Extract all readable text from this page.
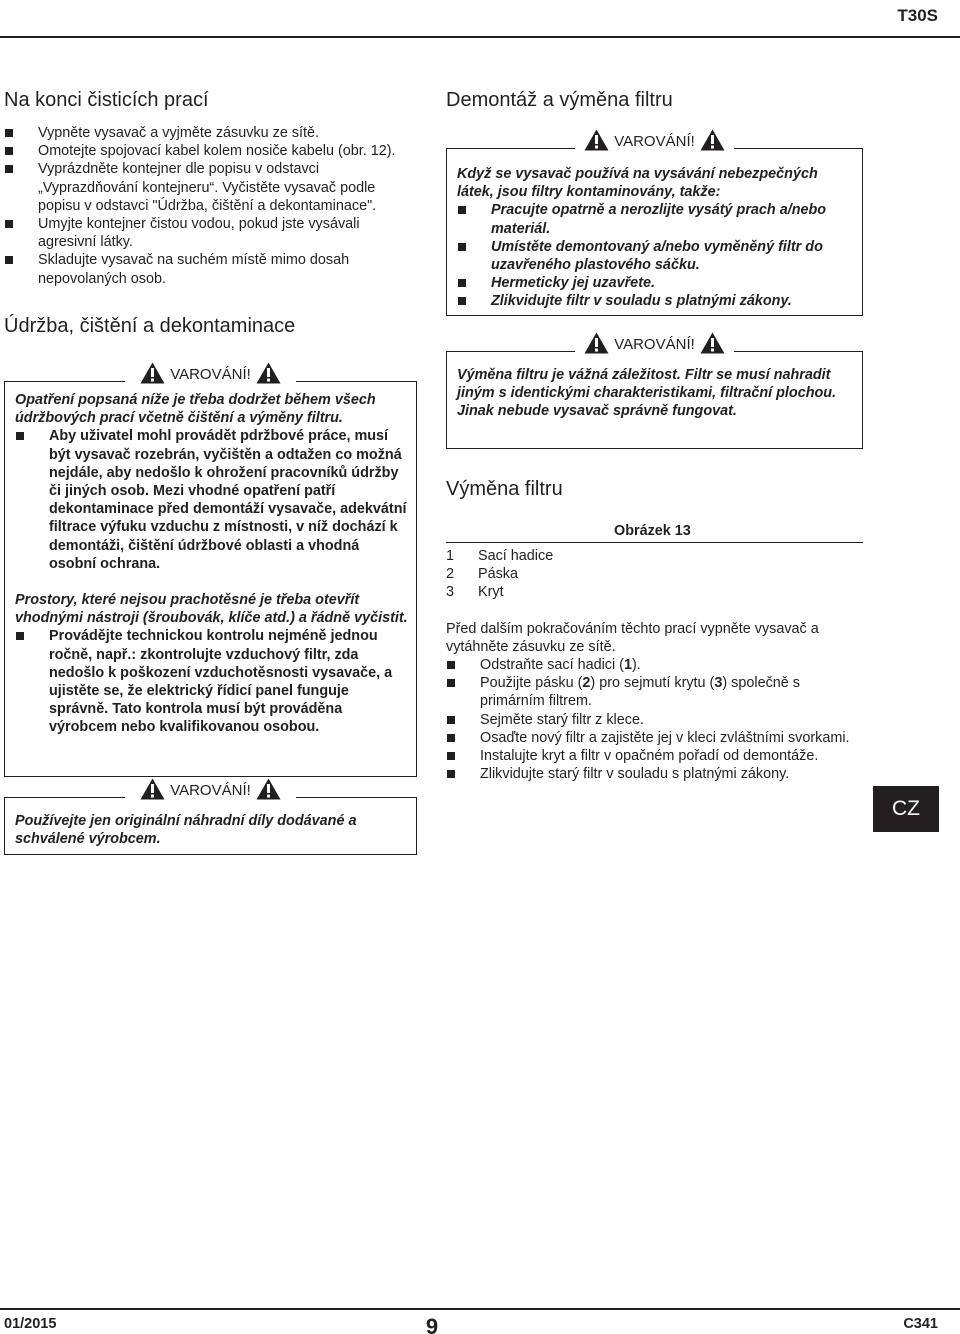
T30S
Na konci čisticích prací
Vypněte vysavač a vyjměte zásuvku ze sítě.
Omotejte spojovací kabel kolem nosiče kabelu (obr. 12).
Vyprázdněte kontejner dle popisu v odstavci „Vyprazdňování kontejneru“. Vyčistěte vysavač podle popisu v odstavci "Údržba, čištění a dekontaminace".
Umyjte kontejner čistou vodou, pokud jste vysávali agresivní látky.
Skladujte vysavač na suchém místě mimo dosah nepovolaných osob.
Údržba, čištění a dekontaminace
VAROVÁNÍ!

Opatření popsaná níže je třeba dodržet během všech údržbových prací včetně čištění a výměny filtru.

Aby uživatel mohl provádět pdržbové práce, musí být vysavač rozebrán, vyčištěn a odtažen co možná nejdále, aby nedošlo k ohrožení pracovníků údržby či jiných osob. Mezi vhodné opatření patří dekontaminace před demontáží vysavače, adekvátní filtrace výfuku vzduchu z místnosti, v níž dochází k demontáži, čištění údržbové oblasti a vhodná osobní ochrana.

Prostory, které nejsou prachotěsné je třeba otevřít vhodnými nástroji (šroubovák, klíče atd.) a řádně vyčistit.

Provádějte technickou kontrolu nejméně jednou ročně, např.: zkontrolujte vzduchový filtr, zda nedošlo k poškození vzduchotěsnosti vysavače, a ujistěte se, že elektrický řídicí panel funguje správně. Tato kontrola musí být prováděna výrobcem nebo kvalifikovanou osobou.
VAROVÁNÍ!

Používejte jen originální náhradní díly dodávané a schválené výrobcem.

Demontáž a výměna filtru
VAROVÁNÍ!

Když se vysavač používá na vysávání nebezpečných látek, jsou filtry kontaminovány, takže:

Pracujte opatrně a nerozlijte vysátý prach a/nebo materiál.
Umístěte demontovaný a/nebo vyměněný filtr do uzavřeného plastového sáčku.
Hermeticky jej uzavřete.
Zlikvidujte filtr v souladu s platnými zákony.
VAROVÁNÍ!

Výměna filtru je vážná záležitost. Filtr se musí nahradit jiným s identickými charakteristikami, filtrační plochou.

Jinak nebude vysavač správně fungovat.

Výměna filtru
Obrázek 13
1	Sací hadice
2	Páska
3	Kryt

Před dalším pokračováním těchto prací vypněte vysavač a vytáhněte zásuvku ze sítě.

Odstraňte sací hadici (1).
Použijte pásku (2) pro sejmutí krytu (3) společně s primárním filtrem.
Sejměte starý filtr z klece.
Osaďte nový filtr a zajistěte jej v kleci zvláštními svorkami.
Instalujte kryt a filtr v opačném pořadí od demontáže.
Zlikvidujte starý filtr v souladu s platnými zákony.
CZ
01/2015	9	C341
